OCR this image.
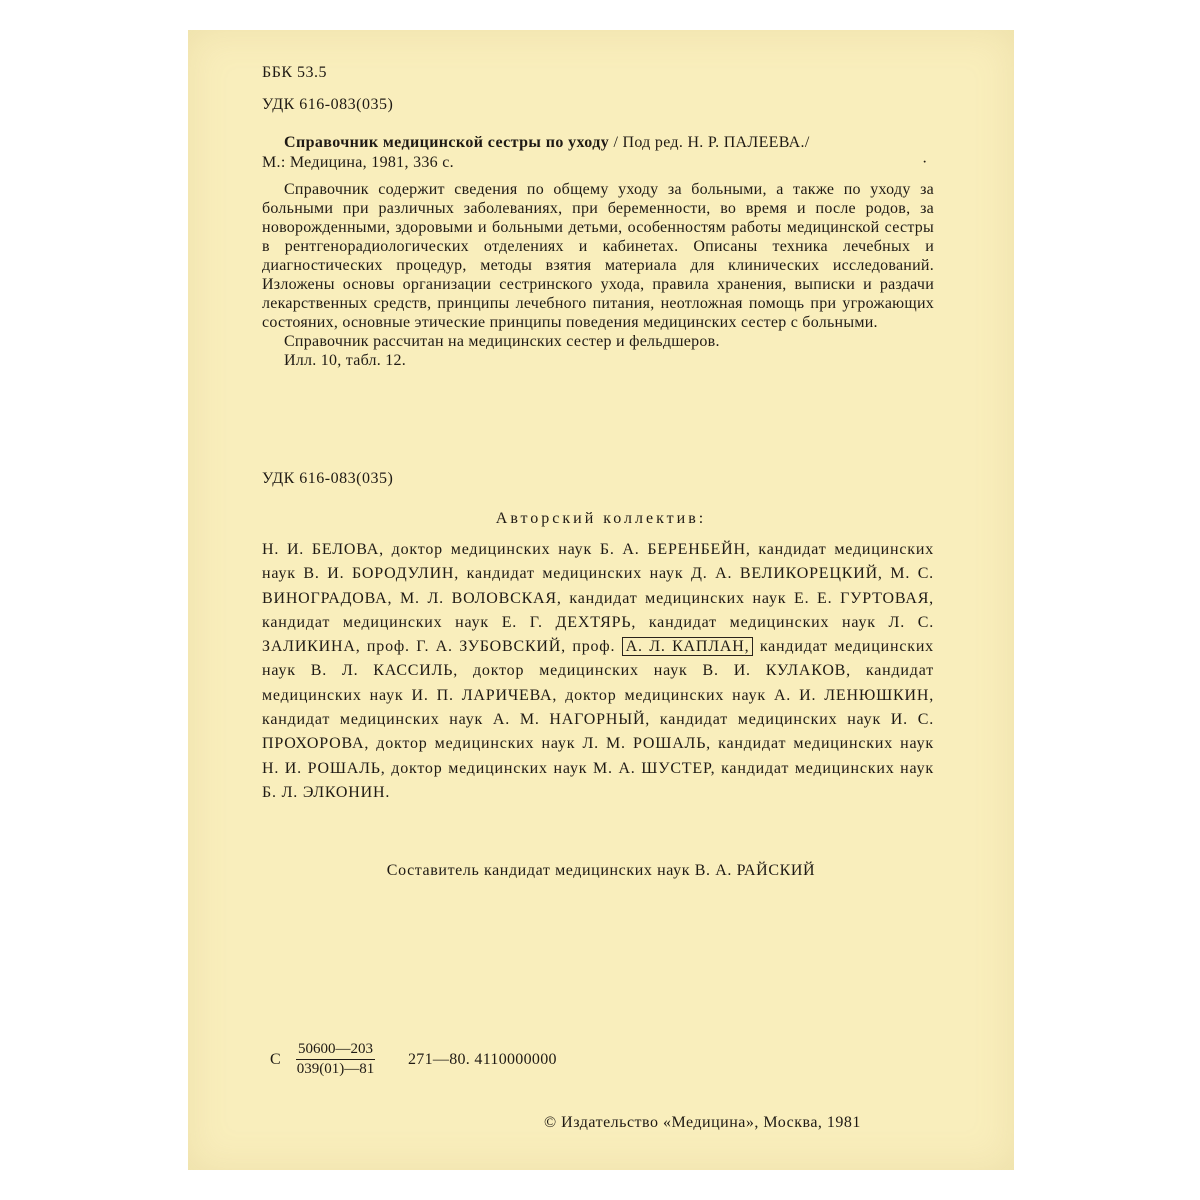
ББК 53.5
УДК 616-083(035)
Справочник медицинской сестры по уходу / Под ред. Н. Р. ПАЛЕЕВА./
М.: Медицина, 1981, 336 с.	·

Справочник содержит сведения по общему уходу за больными, а также по уходу за больными при различных заболеваниях, при беременности, во время и после родов, за новорожденными, здоровыми и больными детьми, особенностям работы медицинской сестры в рентгенорадиологических отделениях и кабинетах. Описаны техника лечебных и диагностических процедур, методы взятия материала для клинических исследований. Изложены основы организации сестринского ухода, правила хранения, выписки и раздачи лекарственных средств, принципы лечебного питания, неотложная помощь при угрожающих состояних, основные этические принципы поведения медицинских сестер с больными.

Справочник рассчитан на медицинских сестер и фельдшеров.

Илл. 10, табл. 12.

УДК 616-083(035)
Авторский коллектив:
Н. И. БЕЛОВА, доктор медицинских наук Б. А. БЕРЕНБЕЙН, кандидат медицинских наук В. И. БОРОДУЛИН, кандидат медицинских наук Д. А. ВЕЛИКОРЕЦКИЙ, М. С. ВИНОГРАДОВА, М. Л. ВОЛОВСКАЯ, кандидат медицинских наук Е. Е. ГУРТОВАЯ, кандидат медицинских наук Е. Г. ДЕХТЯРЬ, кандидат медицинских наук Л. С. ЗАЛИКИНА, проф. Г. А. ЗУБОВСКИЙ, проф. А. Л. КАПЛАН, кандидат медицинских наук В. Л. КАССИЛЬ, доктор медицинских наук В. И. КУЛАКОВ, кандидат медицинских наук И. П. ЛАРИЧЕВА, доктор медицинских наук А. И. ЛЕНЮШКИН, кандидат медицинских наук А. М. НАГОРНЫЙ, кандидат медицинских наук И. С. ПРОХОРОВА, доктор медицинских наук Л. М. РОШАЛЬ, кандидат медицинских наук Н. И. РОШАЛЬ, доктор медицинских наук М. А. ШУСТЕР, кандидат медицинских наук Б. Л. ЭЛКОНИН.
Составитель кандидат медицинских наук В. А. РАЙСКИЙ
С $\frac{50600—203}{039(01)—81}$ 271—80. 4110000000
© Издательство «Медицина», Москва, 1981
